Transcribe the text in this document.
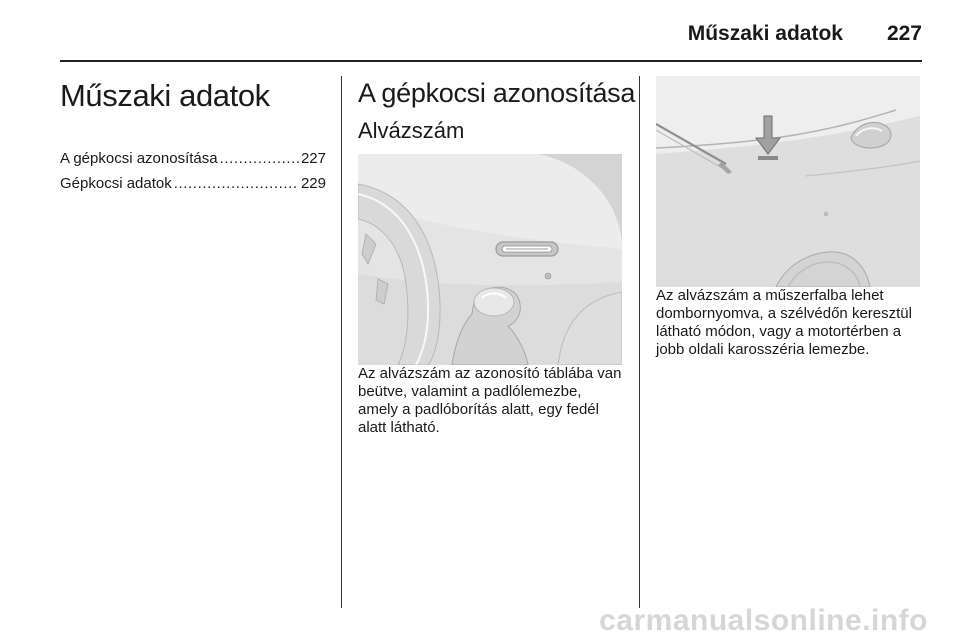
Műszaki adatok 227
Műszaki adatok
A gépkocsi azonosítása .....	227
Gépkocsi adatok .....	229
A gépkocsi azonosítása
Alvázszám

Az alvázszám az azonosító táblába van beütve, valamint a padlólemezbe, amely a padlóborítás alatt, egy fedél alatt látható.

Az alvázszám a műszerfalba lehet dombornyomva, a szélvédőn keresztül látható módon, vagy a motortérben a jobb oldali karosszéria lemezbe.

carmanualsonline.info
